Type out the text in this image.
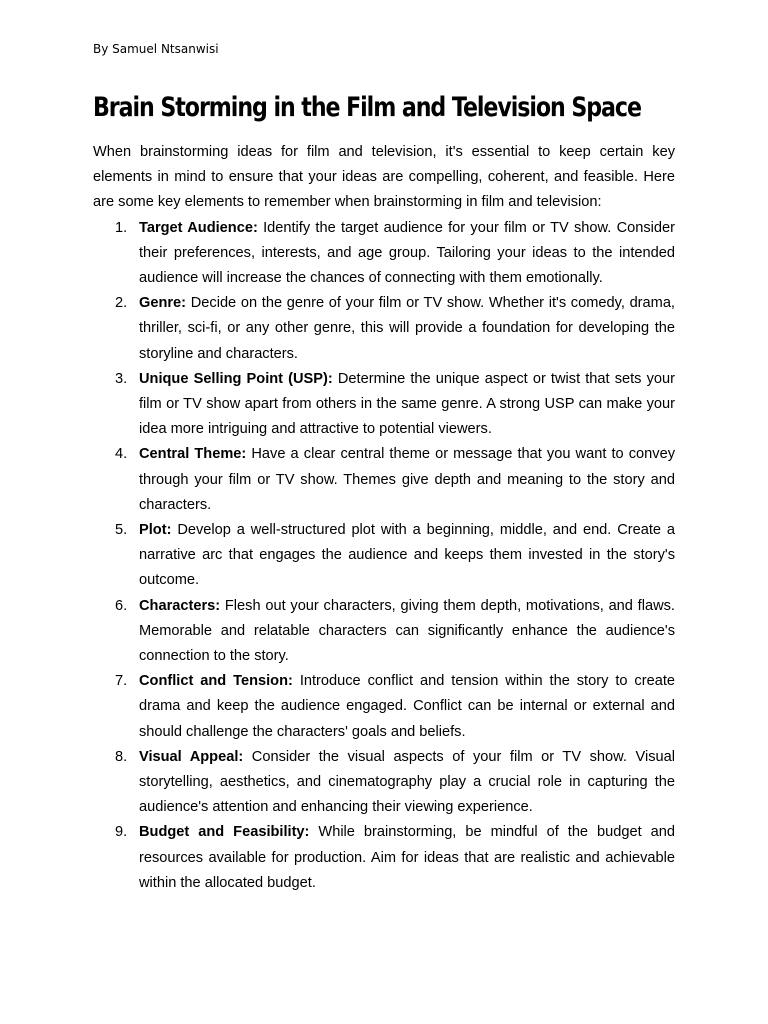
By Samuel Ntsanwisi
Brain Storming in the Film and Television Space

When brainstorming ideas for film and television, it's essential to keep certain key elements in mind to ensure that your ideas are compelling, coherent, and feasible. Here are some key elements to remember when brainstorming in film and television:

1. Target Audience: Identify the target audience for your film or TV show. Consider their preferences, interests, and age group. Tailoring your ideas to the intended audience will increase the chances of connecting with them emotionally.
2. Genre: Decide on the genre of your film or TV show. Whether it's comedy, drama, thriller, sci-fi, or any other genre, this will provide a foundation for developing the storyline and characters.
3. Unique Selling Point (USP): Determine the unique aspect or twist that sets your film or TV show apart from others in the same genre. A strong USP can make your idea more intriguing and attractive to potential viewers.
4. Central Theme: Have a clear central theme or message that you want to convey through your film or TV show. Themes give depth and meaning to the story and characters.
5. Plot: Develop a well-structured plot with a beginning, middle, and end. Create a narrative arc that engages the audience and keeps them invested in the story's outcome.
6. Characters: Flesh out your characters, giving them depth, motivations, and flaws. Memorable and relatable characters can significantly enhance the audience's connection to the story.
7. Conflict and Tension: Introduce conflict and tension within the story to create drama and keep the audience engaged. Conflict can be internal or external and should challenge the characters' goals and beliefs.
8. Visual Appeal: Consider the visual aspects of your film or TV show. Visual storytelling, aesthetics, and cinematography play a crucial role in capturing the audience's attention and enhancing their viewing experience.
9. Budget and Feasibility: While brainstorming, be mindful of the budget and resources available for production. Aim for ideas that are realistic and achievable within the allocated budget.
